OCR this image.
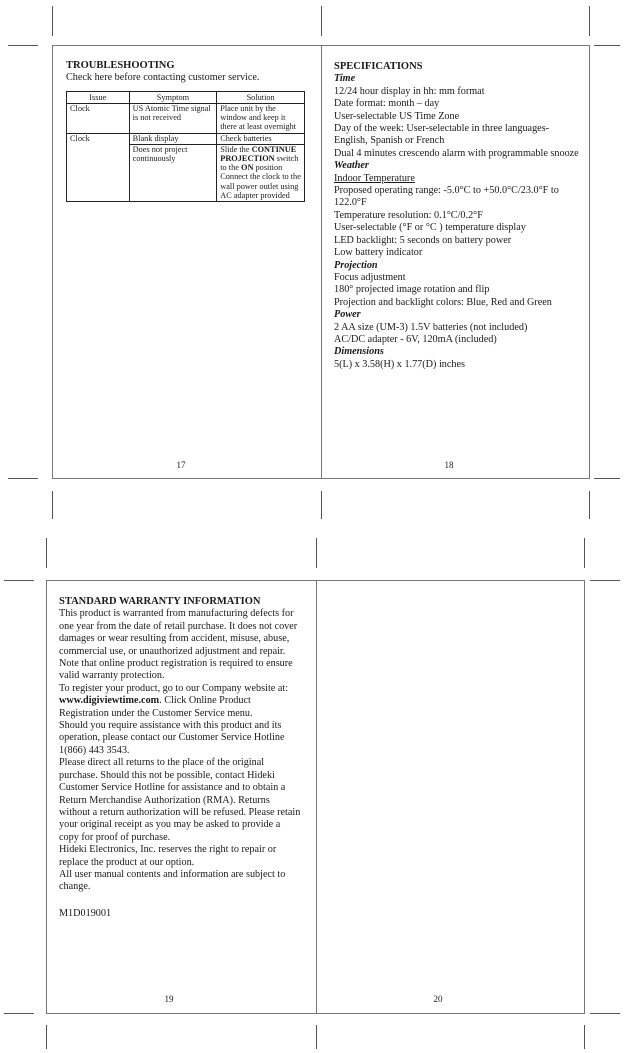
TROUBLESHOOTING
Check here before contacting customer service.
Issue	Symptom	Solution
Clock	US Atomic Time signal is not received	Place unit by the window and keep it there at least overnight
Clock	Blank display	Check batteries
	Does not project continuously	Slide the CONTINUE PROJECTION switch to the ON position Connect the clock to the wall power outlet using AC adapter provided
17
SPECIFICATIONS
Time
12/24 hour display in hh: mm format
Date format: month – day
User-selectable US Time Zone
Day of the week: User-selectable in three languages-
English, Spanish or French
Dual 4 minutes crescendo alarm with programmable snooze
Weather
Indoor Temperature
Proposed operating range: -5.0°C to +50.0°C/23.0°F to
122.0°F
Temperature resolution: 0.1°C/0.2°F
User-selectable (°F or °C ) temperature display
LED backlight: 5 seconds on battery power
Low battery indicator
Projection
Focus adjustment
180° projected image rotation and flip
Projection and backlight colors: Blue, Red and Green
Power
2 AA size (UM-3) 1.5V batteries (not included)
AC/DC adapter - 6V, 120mA (included)
Dimensions
5(L) x 3.58(H) x 1.77(D) inches
18
STANDARD WARRANTY INFORMATION
This product is warranted from manufacturing defects for
one year from the date of retail purchase. It does not cover
damages or wear resulting from accident, misuse, abuse,
commercial use, or unauthorized adjustment and repair.
Note that online product registration is required to ensure
valid warranty protection.
To register your product, go to our Company website at:
www.digiviewtime.com. Click Online Product
Registration under the Customer Service menu.
Should you require assistance with this product and its
operation, please contact our Customer Service Hotline
1(866) 443 3543.
Please direct all returns to the place of the original
purchase. Should this not be possible, contact Hideki
Customer Service Hotline for assistance and to obtain a
Return Merchandise Authorization (RMA). Returns
without a return authorization will be refused. Please retain
your original receipt as you may be asked to provide a
copy for proof of purchase.
Hideki Electronics, Inc. reserves the right to repair or
replace the product at our option.
All user manual contents and information are subject to
change.
M1D019001
19	20
